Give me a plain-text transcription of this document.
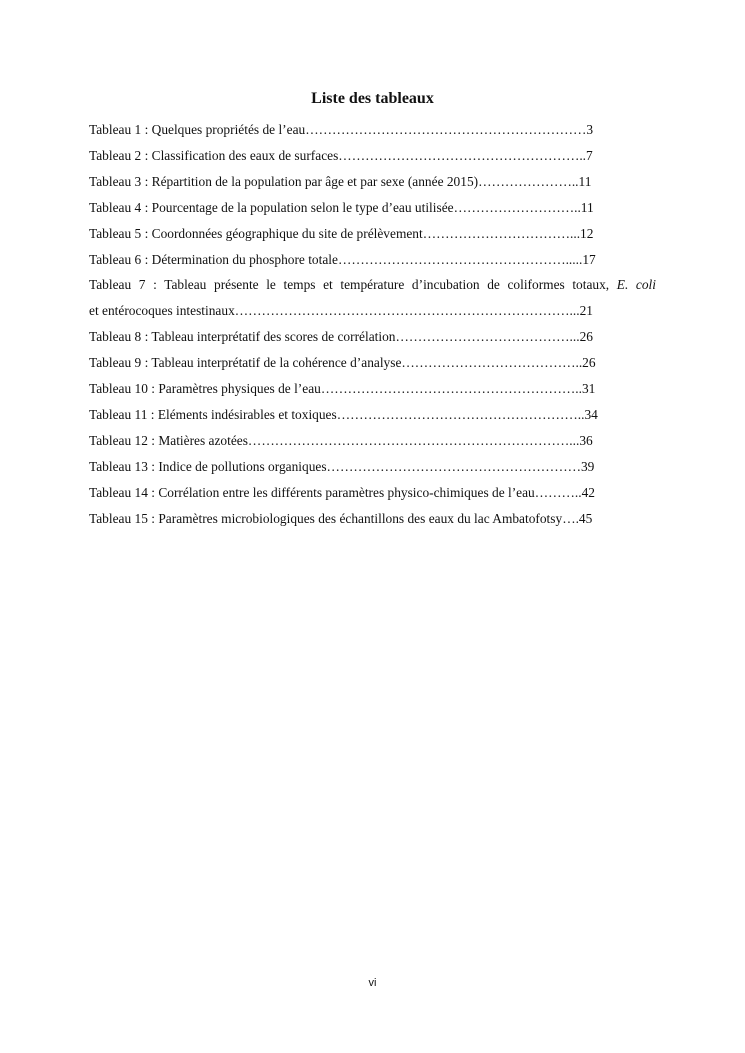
Liste des tableaux
Tableau 1 : Quelques propriétés de l’eau………………………………………………………3
Tableau 2 : Classification des eaux de surfaces………………………………………………..7
Tableau 3 : Répartition de la population par âge et par sexe (année 2015)…………………..11
Tableau 4 : Pourcentage de la population selon le type d’eau utilisée………………………..11
Tableau 5 : Coordonnées géographique du site de prélèvement……………………………...12
Tableau 6 : Détermination du phosphore totale…………………………………………….....17
Tableau 7 : Tableau présente le temps et température d’incubation de coliformes totaux, E. coli
et entérocoques intestinaux…………………………………………………………………...21
Tableau 8 : Tableau interprétatif des scores de corrélation…………………………………...26
Tableau 9 : Tableau interprétatif de la cohérence d’analyse…………………………………..26
Tableau 10 : Paramètres physiques de l’eau…………………………………………………..31
Tableau 11 : Eléments indésirables et toxiques………………………………………………..34
Tableau 12 : Matières azotées………………………………………………………………...36
Tableau 13 : Indice de pollutions organiques…………………………………………………39
Tableau 14 : Corrélation entre les différents paramètres physico-chimiques de l’eau………..42
Tableau 15 : Paramètres microbiologiques des échantillons des eaux du lac Ambatofotsy….45
vi
